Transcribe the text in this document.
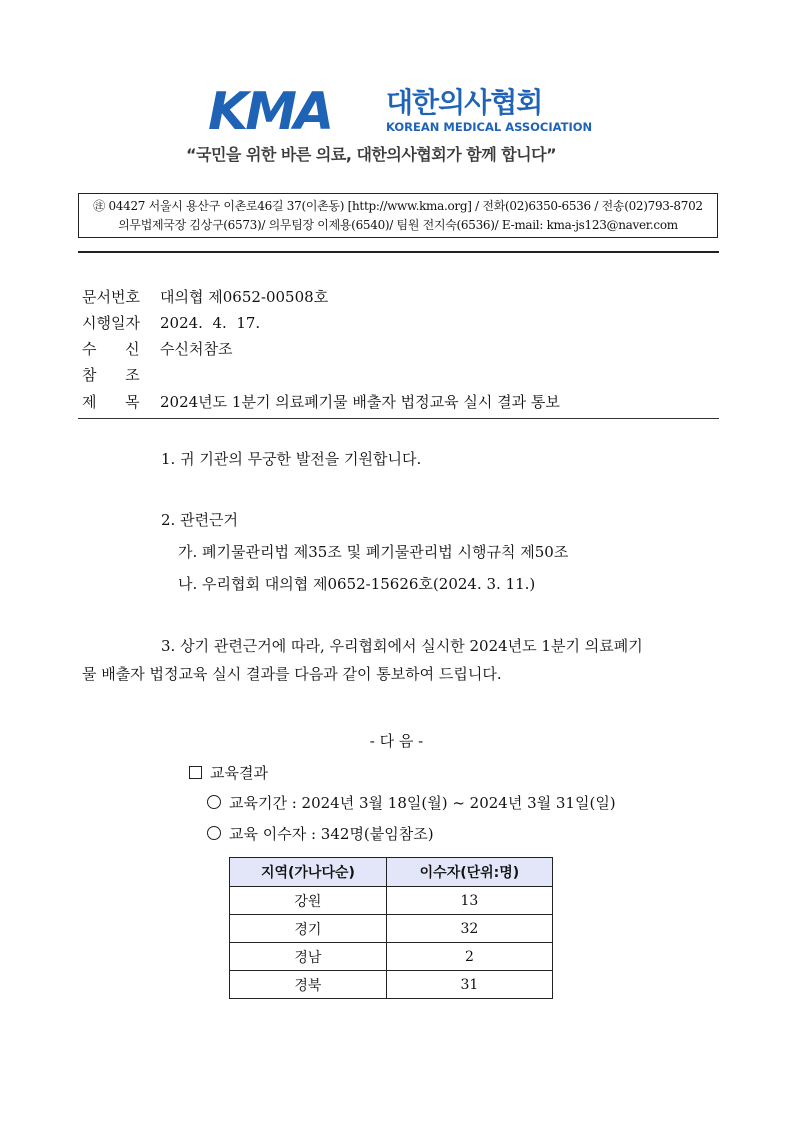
KMA 대한의사협회
KOREAN MEDICAL ASSOCIATION
“국민을 위한 바른 의료, 대한의사협회가 함께 합니다”
㊟ 04427 서울시 용산구 이촌로46길 37(이촌동) [http://www.kma.org] / 전화(02)6350-6536 / 전송(02)793-8702
의무법제국장 김상구(6573)/ 의무팀장 이제용(6540)/ 팀원 전지숙(6536)/ E-mail: kma-js123@naver.com
문서번호 대의협 제0652-00508호
시행일자 2024.  4.  17.
수      신 수신처참조
참      조
제      목 2024년도 1분기 의료폐기물 배출자 법정교육 실시 결과 통보
1. 귀 기관의 무궁한 발전을 기원합니다.
2. 관련근거
가. 폐기물관리법 제35조 및 폐기물관리법 시행규칙 제50조
나. 우리협회 대의협 제0652-15626호(2024. 3. 11.)
3. 상기 관련근거에 따라, 우리협회에서 실시한 2024년도 1분기 의료폐기
물 배출자 법정교육 실시 결과를 다음과 같이 통보하여 드립니다.
- 다 음 -
교육결과
교육기간 : 2024년 3월 18일(월) ~ 2024년 3월 31일(일)
교육 이수자 : 342명(붙임참조)
지역(가나다순)	이수자(단위:명)
강원	13
경기	32
경남	2
경북	31
